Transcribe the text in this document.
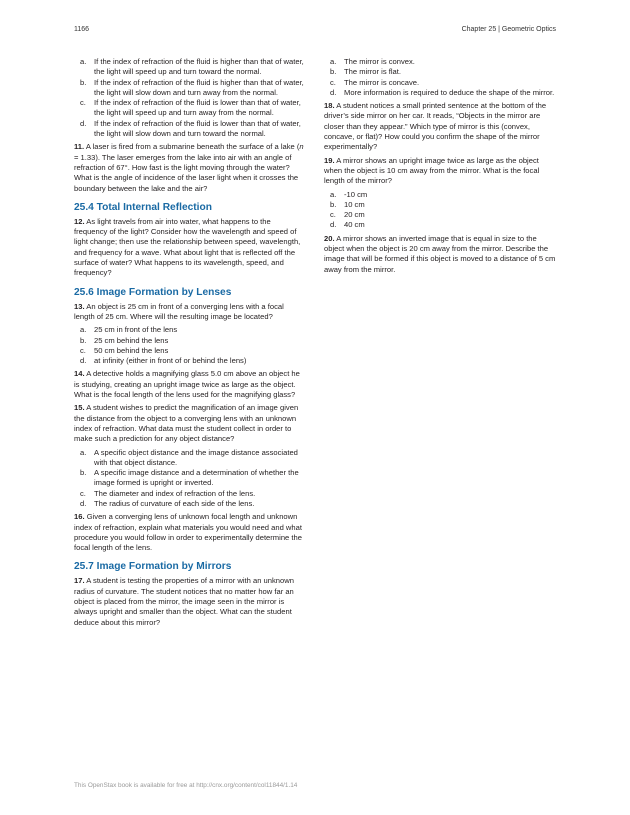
1166	Chapter 25 | Geometric Optics
a. If the index of refraction of the fluid is higher than that of water, the light will speed up and turn toward the normal.
b. If the index of refraction of the fluid is higher than that of water, the light will slow down and turn away from the normal.
c. If the index of refraction of the fluid is lower than that of water, the light will speed up and turn away from the normal.
d. If the index of refraction of the fluid is lower than that of water, the light will slow down and turn toward the normal.

11. A laser is fired from a submarine beneath the surface of a lake (n = 1.33). The laser emerges from the lake into air with an angle of refraction of 67°. How fast is the light moving through the water? What is the angle of incidence of the laser light when it crosses the boundary between the lake and the air?

25.4 Total Internal Reflection

12. As light travels from air into water, what happens to the frequency of the light? Consider how the wavelength and speed of light change; then use the relationship between speed, wavelength, and frequency for a wave. What about light that is reflected off the surface of water? What happens to its wavelength, speed, and frequency?

25.6 Image Formation by Lenses

13. An object is 25 cm in front of a converging lens with a focal length of 25 cm. Where will the resulting image be located?

a. 25 cm in front of the lens
b. 25 cm behind the lens
c. 50 cm behind the lens
d. at infinity (either in front of or behind the lens)

14. A detective holds a magnifying glass 5.0 cm above an object he is studying, creating an upright image twice as large as the object. What is the focal length of the lens used for the magnifying glass?

15. A student wishes to predict the magnification of an image given the distance from the object to a converging lens with an unknown index of refraction. What data must the student collect in order to make such a prediction for any object distance?

a. A specific object distance and the image distance associated with that object distance.
b. A specific image distance and a determination of whether the image formed is upright or inverted.
c. The diameter and index of refraction of the lens.
d. The radius of curvature of each side of the lens.

16. Given a converging lens of unknown focal length and unknown index of refraction, explain what materials you would need and what procedure you would follow in order to experimentally determine the focal length of the lens.

25.7 Image Formation by Mirrors

17. A student is testing the properties of a mirror with an unknown radius of curvature. The student notices that no matter how far an object is placed from the mirror, the image seen in the mirror is always upright and smaller than the object. What can the student deduce about this mirror?

a. The mirror is convex.
b. The mirror is flat.
c. The mirror is concave.
d. More information is required to deduce the shape of the mirror.

18. A student notices a small printed sentence at the bottom of the driver’s side mirror on her car. It reads, “Objects in the mirror are closer than they appear.” Which type of mirror is this (convex, concave, or flat)? How could you confirm the shape of the mirror experimentally?

19. A mirror shows an upright image twice as large as the object when the object is 10 cm away from the mirror. What is the focal length of the mirror?

a. -10 cm
b. 10 cm
c. 20 cm
d. 40 cm

20. A mirror shows an inverted image that is equal in size to the object when the object is 20 cm away from the mirror. Describe the image that will be formed if this object is moved to a distance of 5 cm away from the mirror.

This OpenStax book is available for free at http://cnx.org/content/col11844/1.14
